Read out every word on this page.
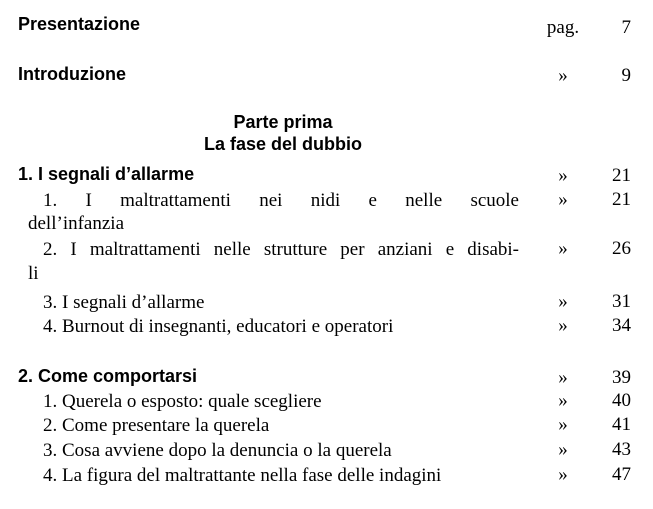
Presentazione	pag. 7
Introduzione	»	9
Parte prima
La fase del dubbio
1. I segnali d’allarme	»	21
1. I maltrattamenti nei nidi e nelle scuole	»	21
dell’infanzia
2. I maltrattamenti nelle strutture per anziani e disabi-	»	26
li
3. I segnali d’allarme	»	31
4. Burnout di insegnanti, educatori e operatori	»	34
2. Come comportarsi	»	39
1. Querela o esposto: quale scegliere	»	40
2. Come presentare la querela	»	41
3. Cosa avviene dopo la denuncia o la querela	»	43
4. La figura del maltrattante nella fase delle indagini	»	47
